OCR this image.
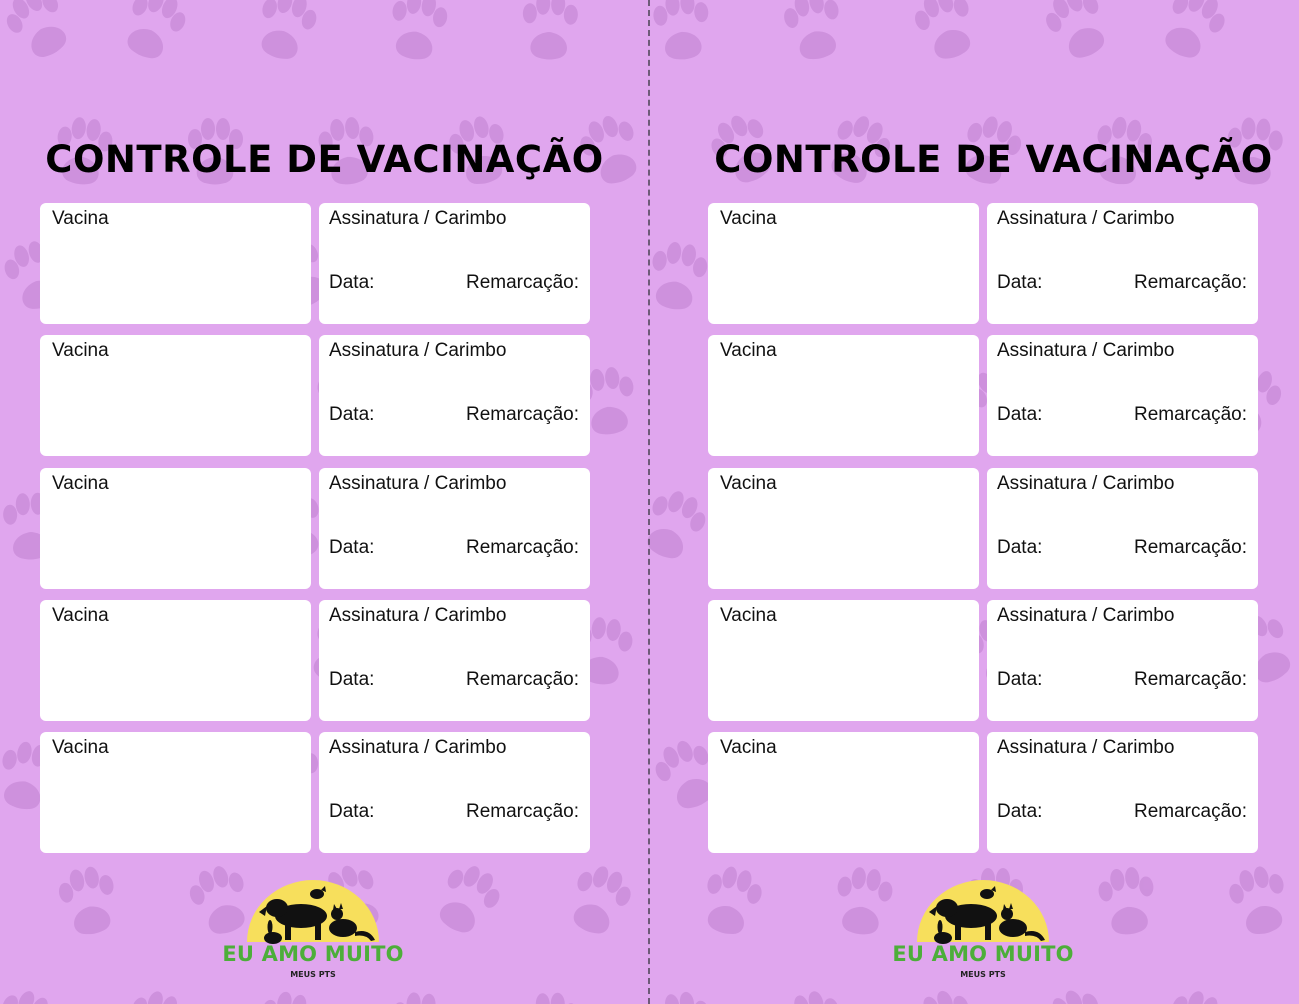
CONTROLE DE VACINAÇÃO
Vacina	Assinatura / Carimbo
Data:	Remarcação:
Vacina	Assinatura / Carimbo
Data:	Remarcação:
Vacina	Assinatura / Carimbo
Data:	Remarcação:
Vacina	Assinatura / Carimbo
Data:	Remarcação:
Vacina	Assinatura / Carimbo
Data:	Remarcação:
EU AMO MUITO
MEUS PTS
CONTROLE DE VACINAÇÃO
Vacina	Assinatura / Carimbo
Data:	Remarcação:
Vacina	Assinatura / Carimbo
Data:	Remarcação:
Vacina	Assinatura / Carimbo
Data:	Remarcação:
Vacina	Assinatura / Carimbo
Data:	Remarcação:
Vacina	Assinatura / Carimbo
Data:	Remarcação:
EU AMO MUITO
MEUS PTS
